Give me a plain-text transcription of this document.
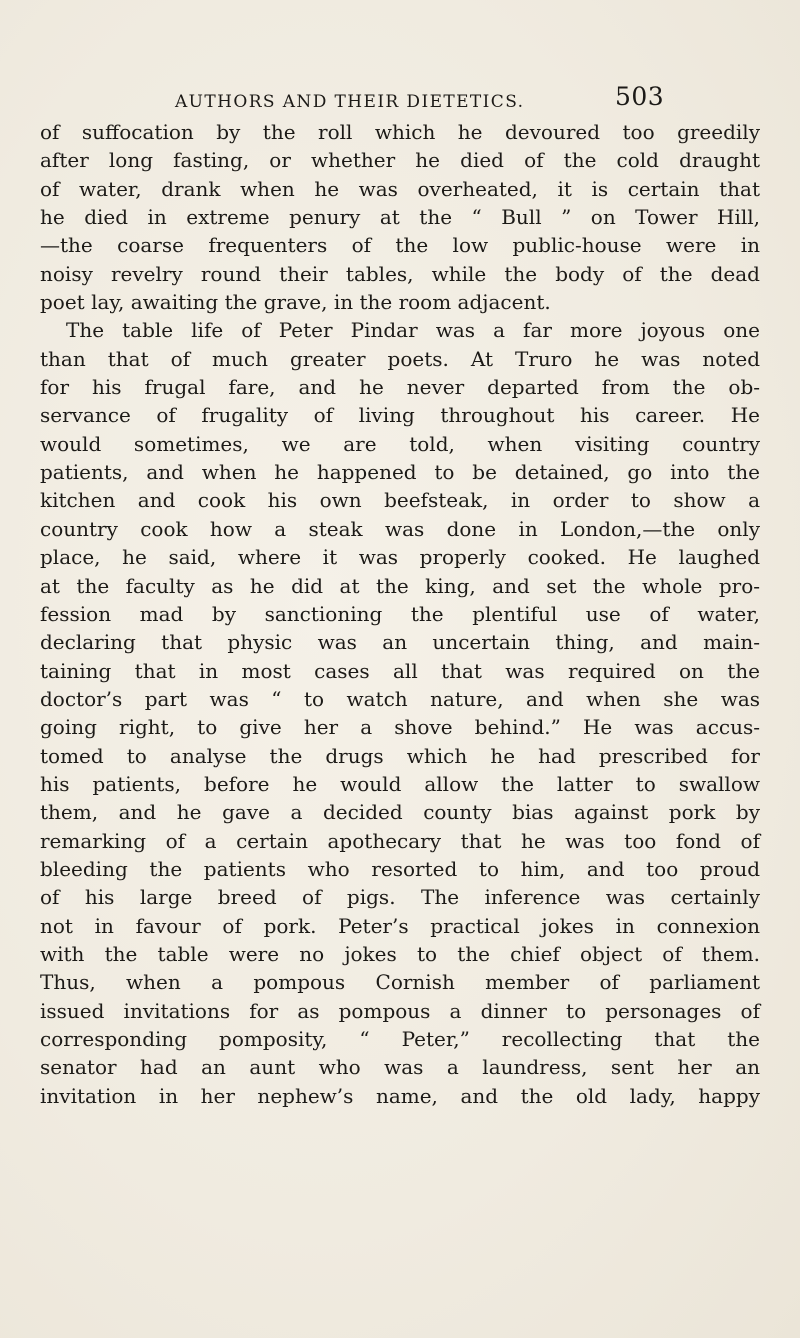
AUTHORS AND THEIR DIETETICS.	503
of suffocation by the roll which he devoured too greedily
after long fasting, or whether he died of the cold draught
of water, drank when he was overheated, it is certain that
he died in extreme penury at the “ Bull ” on Tower Hill,
—the coarse frequenters of the low public-house were in
noisy revelry round their tables, while the body of the dead
poet lay, awaiting the grave, in the room adjacent.
The table life of Peter Pindar was a far more joyous one
than that of much greater poets. At Truro he was noted
for his frugal fare, and he never departed from the ob-
servance of frugality of living throughout his career. He
would sometimes, we are told, when visiting country
patients, and when he happened to be detained, go into the
kitchen and cook his own beefsteak, in order to show a
country cook how a steak was done in London,—the only
place, he said, where it was properly cooked. He laughed
at the faculty as he did at the king, and set the whole pro-
fession mad by sanctioning the plentiful use of water,
declaring that physic was an uncertain thing, and main-
taining that in most cases all that was required on the
doctor’s part was “ to watch nature, and when she was
going right, to give her a shove behind.” He was accus-
tomed to analyse the drugs which he had prescribed for
his patients, before he would allow the latter to swallow
them, and he gave a decided county bias against pork by
remarking of a certain apothecary that he was too fond of
bleeding the patients who resorted to him, and too proud
of his large breed of pigs. The inference was certainly
not in favour of pork. Peter’s practical jokes in connexion
with the table were no jokes to the chief object of them.
Thus, when a pompous Cornish member of parliament
issued invitations for as pompous a dinner to personages of
corresponding pomposity, “ Peter,” recollecting that the
senator had an aunt who was a laundress, sent her an
invitation in her nephew’s name, and the old lady, happy
